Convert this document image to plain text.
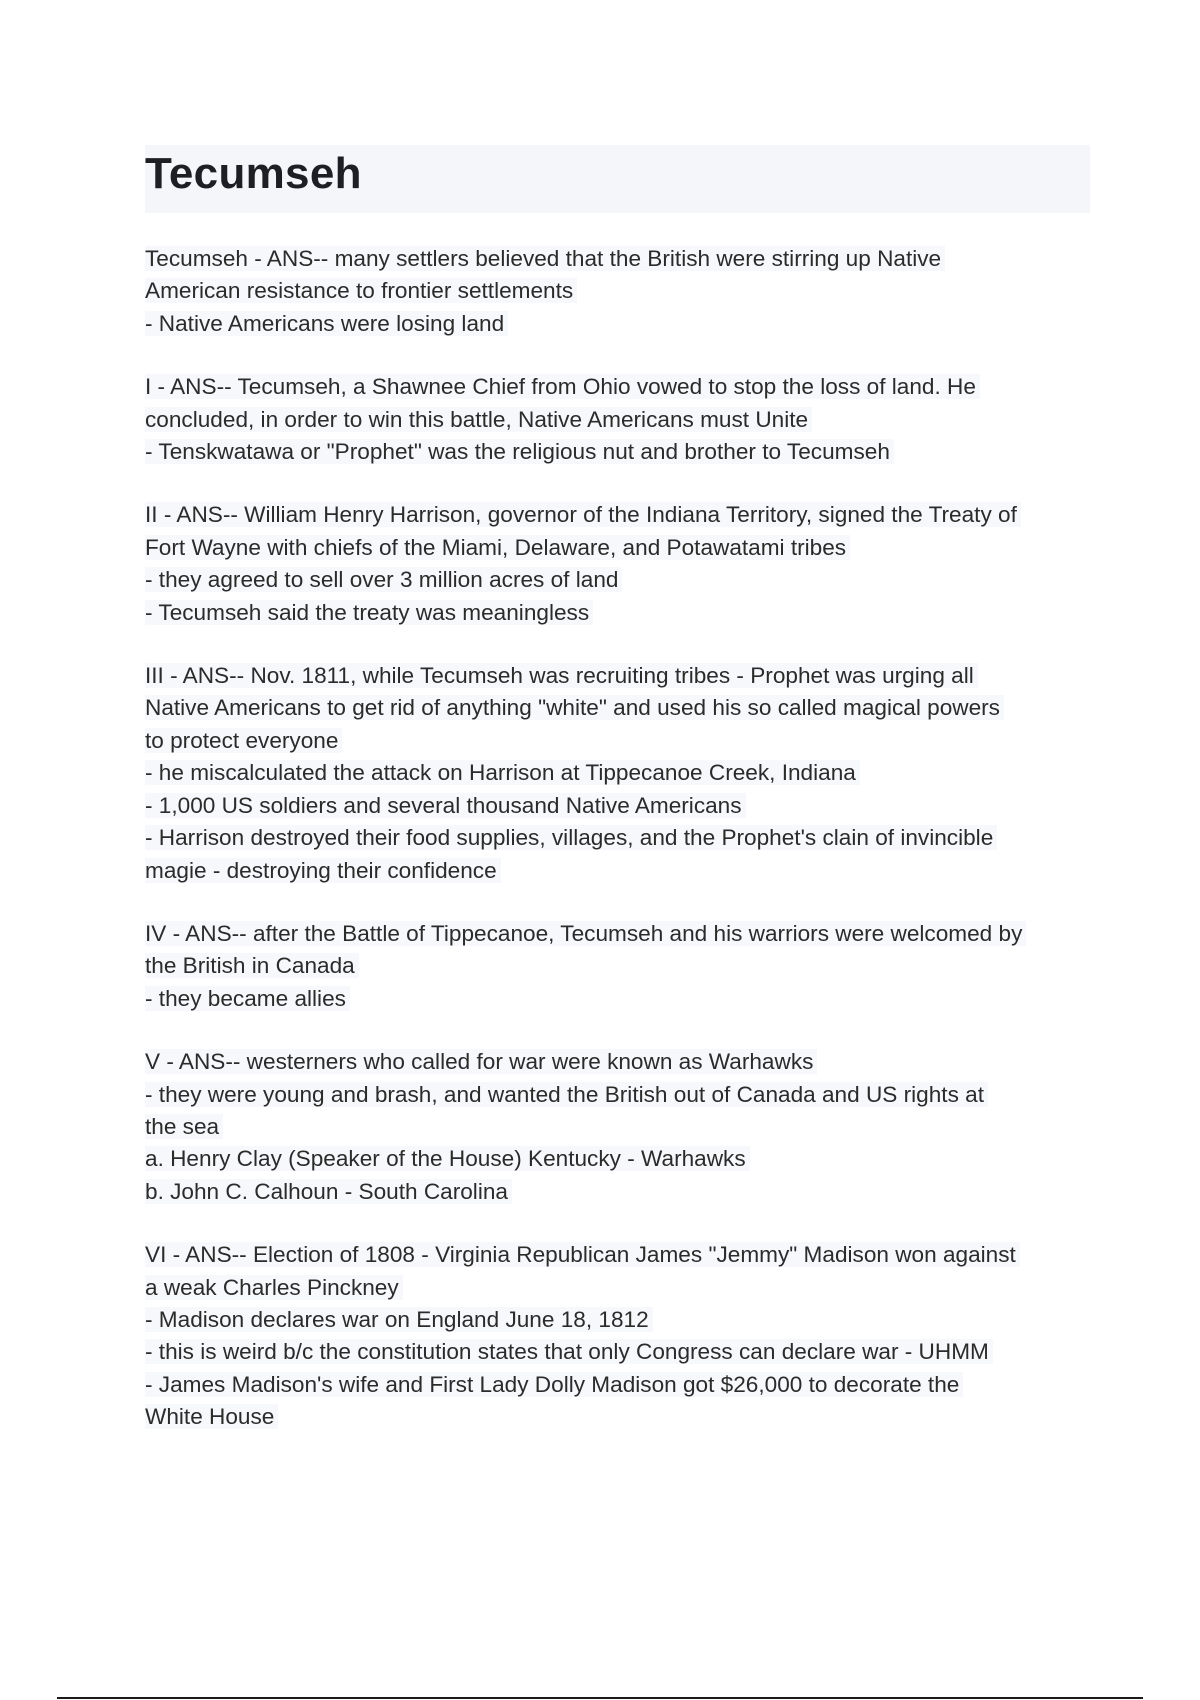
Tecumseh
Tecumseh - ANS-- many settlers believed that the British were stirring up Native
American resistance to frontier settlements
- Native Americans were losing land
I - ANS-- Tecumseh, a Shawnee Chief from Ohio vowed to stop the loss of land. He
concluded, in order to win this battle, Native Americans must Unite
- Tenskwatawa or "Prophet" was the religious nut and brother to Tecumseh
II - ANS-- William Henry Harrison, governor of the Indiana Territory, signed the Treaty of
Fort Wayne with chiefs of the Miami, Delaware, and Potawatami tribes
- they agreed to sell over 3 million acres of land
- Tecumseh said the treaty was meaningless
III - ANS-- Nov. 1811, while Tecumseh was recruiting tribes - Prophet was urging all
Native Americans to get rid of anything "white" and used his so called magical powers
to protect everyone
- he miscalculated the attack on Harrison at Tippecanoe Creek, Indiana
- 1,000 US soldiers and several thousand Native Americans
- Harrison destroyed their food supplies, villages, and the Prophet's clain of invincible
magie - destroying their confidence
IV - ANS-- after the Battle of Tippecanoe, Tecumseh and his warriors were welcomed by
the British in Canada
- they became allies
V - ANS-- westerners who called for war were known as Warhawks
- they were young and brash, and wanted the British out of Canada and US rights at
the sea
a. Henry Clay (Speaker of the House) Kentucky - Warhawks
b. John C. Calhoun - South Carolina
VI - ANS-- Election of 1808 - Virginia Republican James "Jemmy" Madison won against
a weak Charles Pinckney
- Madison declares war on England June 18, 1812
- this is weird b/c the constitution states that only Congress can declare war - UHMM
- James Madison's wife and First Lady Dolly Madison got $26,000 to decorate the
White House
